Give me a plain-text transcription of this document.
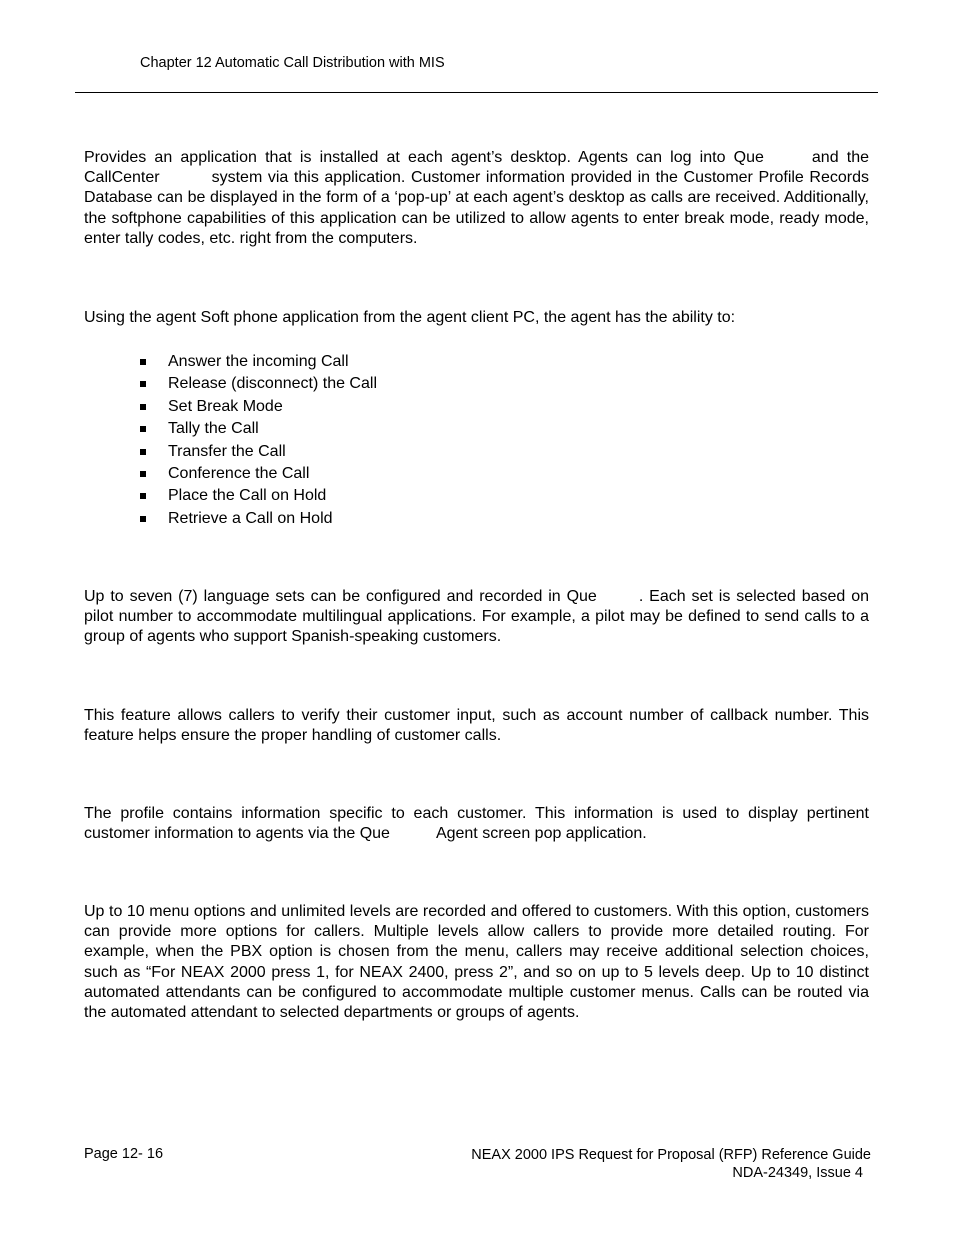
Chapter 12 Automatic Call Distribution with MIS

Provides an application that is installed at each agent’s desktop. Agents can log into Que	and the CallCenter	system via this application. Customer information provided in the Customer Profile Records Database can be displayed in the form of a ‘pop-up’ at each agent’s desktop as calls are received. Additionally, the softphone capabilities of this application can be utilized to allow agents to enter break mode, ready mode, enter tally codes, etc. right from the computers.

Using the agent Soft phone application from the agent client PC, the agent has the ability to:

Answer the incoming Call
Release (disconnect) the Call
Set Break Mode
Tally the Call
Transfer the Call
Conference the Call
Place the Call on Hold
Retrieve a Call on Hold

Up to seven (7) language sets can be configured and recorded in Que	. Each set is selected based on pilot number to accommodate multilingual applications. For example, a pilot may be defined to send calls to a group of agents who support Spanish-speaking customers.

This feature allows callers to verify their customer input, such as account number of callback number. This feature helps ensure the proper handling of customer calls.

The profile contains information specific to each customer. This information is used to display pertinent customer information to agents via the Que	Agent screen pop application.

Up to 10 menu options and unlimited levels are recorded and offered to customers. With this option, customers can provide more options for callers. Multiple levels allow callers to provide more detailed routing. For example, when the PBX option is chosen from the menu, callers may receive additional selection choices, such as “For NEAX 2000 press 1, for NEAX 2400, press 2”, and so on up to 5 levels deep. Up to 10 distinct automated attendants can be configured to accommodate multiple customer menus. Calls can be routed via the automated attendant to selected departments or groups of agents.

Page 12- 16	NEAX 2000 IPS Request for Proposal (RFP) Reference Guide
NDA-24349, Issue 4
